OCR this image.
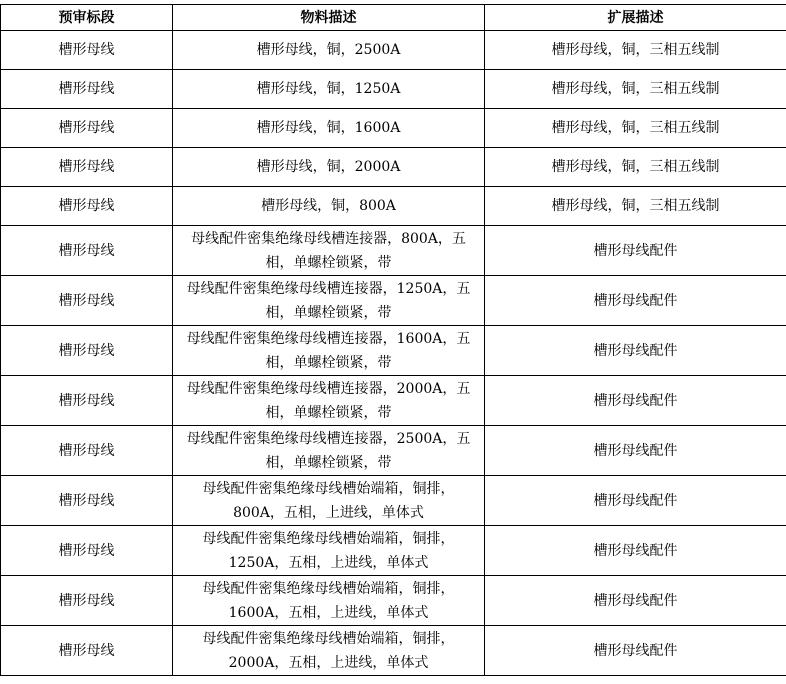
预审标段	物料描述	扩展描述
槽形母线	槽形母线，铜，2500A	槽形母线，铜，三相五线制
槽形母线	槽形母线，铜，1250A	槽形母线，铜，三相五线制
槽形母线	槽形母线，铜，1600A	槽形母线，铜，三相五线制
槽形母线	槽形母线，铜，2000A	槽形母线，铜，三相五线制
槽形母线	槽形母线，铜，800A	槽形母线，铜，三相五线制
槽形母线	母线配件密集绝缘母线槽连接器，800A，五相，单螺栓锁紧，带	槽形母线配件
槽形母线	母线配件密集绝缘母线槽连接器，1250A，五相，单螺栓锁紧，带	槽形母线配件
槽形母线	母线配件密集绝缘母线槽连接器，1600A，五相，单螺栓锁紧，带	槽形母线配件
槽形母线	母线配件密集绝缘母线槽连接器，2000A，五相，单螺栓锁紧，带	槽形母线配件
槽形母线	母线配件密集绝缘母线槽连接器，2500A，五相，单螺栓锁紧，带	槽形母线配件
槽形母线	母线配件密集绝缘母线槽始端箱，铜排，800A，五相，上进线，单体式	槽形母线配件
槽形母线	母线配件密集绝缘母线槽始端箱，铜排，1250A，五相，上进线，单体式	槽形母线配件
槽形母线	母线配件密集绝缘母线槽始端箱，铜排，1600A，五相，上进线，单体式	槽形母线配件
槽形母线	母线配件密集绝缘母线槽始端箱，铜排，2000A，五相，上进线，单体式	槽形母线配件
